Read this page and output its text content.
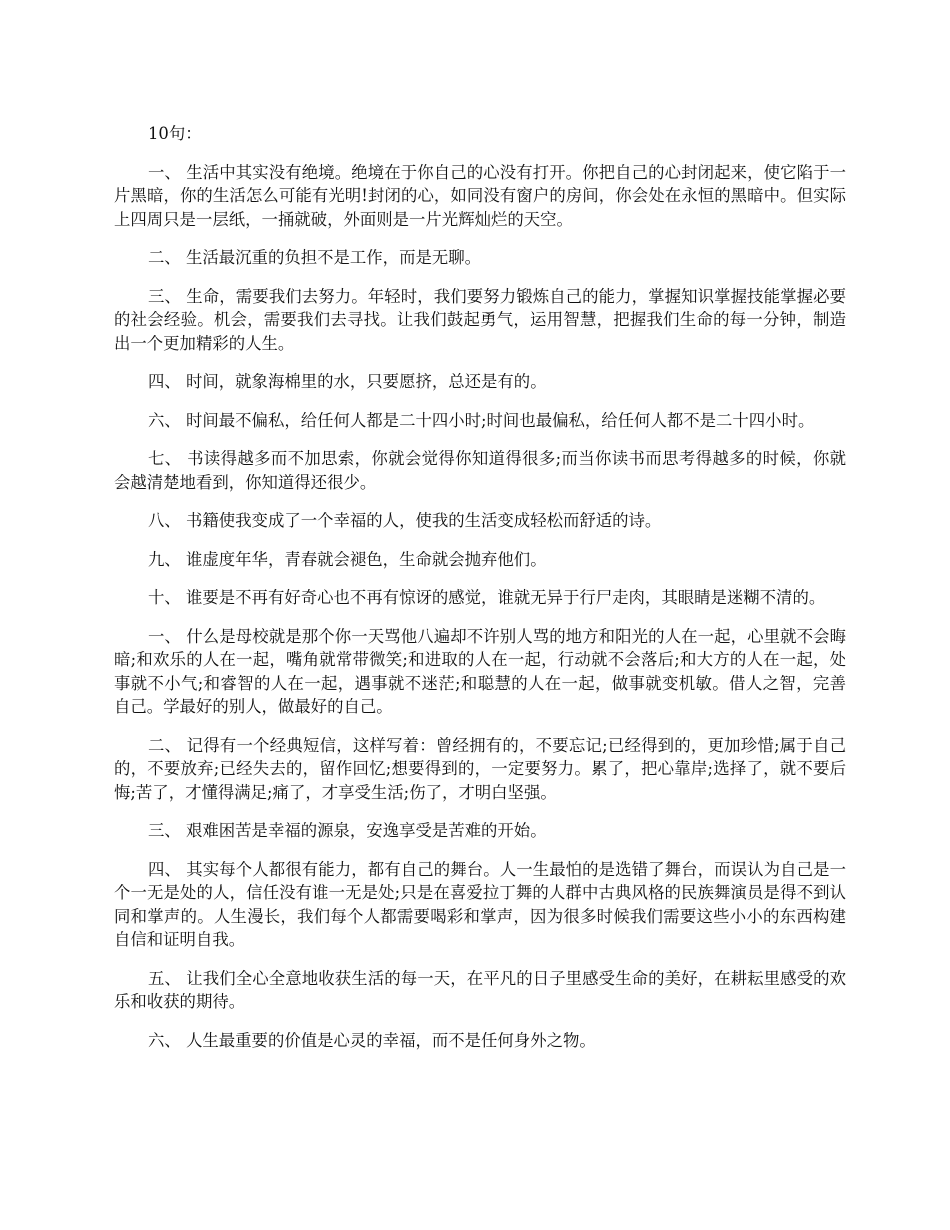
10句：

一、 生活中其实没有绝境。绝境在于你自己的心没有打开。你把自己的心封闭起来，使它陷于一片黑暗，你的生活怎么可能有光明!封闭的心，如同没有窗户的房间，你会处在永恒的黑暗中。但实际上四周只是一层纸，一捅就破，外面则是一片光辉灿烂的天空。

二、 生活最沉重的负担不是工作，而是无聊。

三、 生命，需要我们去努力。年轻时，我们要努力锻炼自己的能力，掌握知识掌握技能掌握必要的社会经验。机会，需要我们去寻找。让我们鼓起勇气，运用智慧，把握我们生命的每一分钟，制造出一个更加精彩的人生。

四、 时间，就象海棉里的水，只要愿挤，总还是有的。

六、 时间最不偏私，给任何人都是二十四小时;时间也最偏私，给任何人都不是二十四小时。

七、 书读得越多而不加思索，你就会觉得你知道得很多;而当你读书而思考得越多的时候，你就会越清楚地看到，你知道得还很少。

八、 书籍使我变成了一个幸福的人，使我的生活变成轻松而舒适的诗。

九、 谁虚度年华，青春就会褪色，生命就会抛弃他们。

十、 谁要是不再有好奇心也不再有惊讶的感觉，谁就无异于行尸走肉，其眼睛是迷糊不清的。

一、 什么是母校就是那个你一天骂他八遍却不许别人骂的地方和阳光的人在一起，心里就不会晦暗;和欢乐的人在一起，嘴角就常带微笑;和进取的人在一起，行动就不会落后;和大方的人在一起，处事就不小气;和睿智的人在一起，遇事就不迷茫;和聪慧的人在一起，做事就变机敏。借人之智，完善自己。学最好的别人，做最好的自己。

二、 记得有一个经典短信，这样写着：曾经拥有的，不要忘记;已经得到的，更加珍惜;属于自己的，不要放弃;已经失去的，留作回忆;想要得到的，一定要努力。累了，把心靠岸;选择了，就不要后悔;苦了，才懂得满足;痛了，才享受生活;伤了，才明白坚强。

三、 艰难困苦是幸福的源泉，安逸享受是苦难的开始。

四、 其实每个人都很有能力，都有自己的舞台。人一生最怕的是选错了舞台，而误认为自己是一个一无是处的人，信任没有谁一无是处;只是在喜爱拉丁舞的人群中古典风格的民族舞演员是得不到认同和掌声的。人生漫长，我们每个人都需要喝彩和掌声，因为很多时候我们需要这些小小的东西构建自信和证明自我。

五、 让我们全心全意地收获生活的每一天，在平凡的日子里感受生命的美好，在耕耘里感受的欢乐和收获的期待。

六、 人生最重要的价值是心灵的幸福，而不是任何身外之物。
